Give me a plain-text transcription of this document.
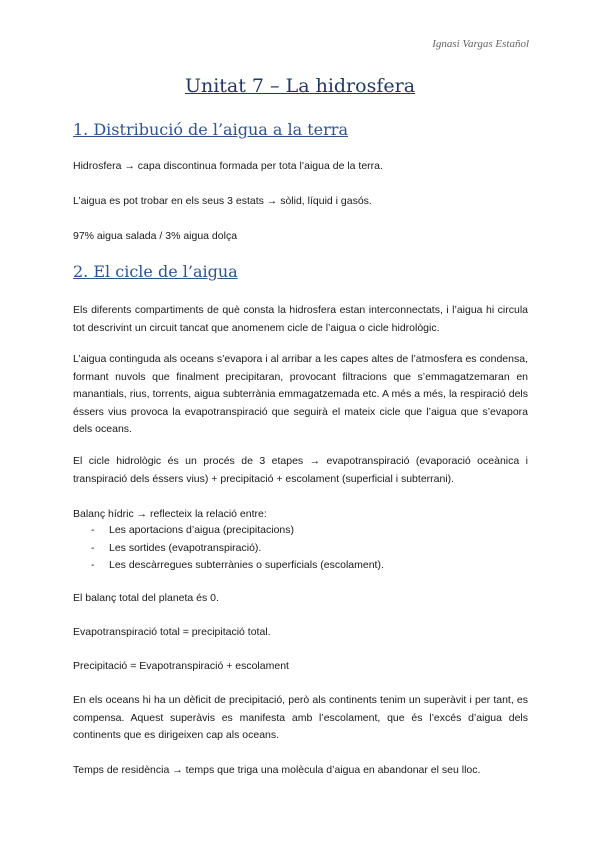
Ignasi Vargas Estañol
Unitat 7 – La hidrosfera
1. Distribució de l’aigua a la terra

Hidrosfera → capa discontinua formada per tota l’aigua de la terra.

L’aigua es pot trobar en els seus 3 estats → sòlid, líquid i gasós.

97% aigua salada / 3% aigua dolça

2. El cicle de l’aigua

Els diferents compartiments de què consta la hidrosfera estan interconnectats, i l’aigua hi circula tot descrivint un circuit tancat que anomenem cicle de l’aigua o cicle hidrològic.

L’aigua continguda als oceans s’evapora i al arribar a les capes altes de l’atmosfera es condensa, formant nuvols que finalment precipitaran, provocant filtracions que s’emmagatzemaran en manantials, rius, torrents, aigua subterrània emmagatzemada etc. A més a més, la respiració dels éssers vius provoca la evapotranspiració que seguirà el mateix cicle que l’aigua que s’evapora dels oceans.

El cicle hidrològic és un procés de 3 etapes → evapotranspiració (evaporació oceànica i transpiració dels éssers vius) + precipitació + escolament (superficial i subterrani).

Balanç hídric → reflecteix la relació entre:

- Les aportacions d’aigua (precipitacions)
- Les sortides (evapotranspiració).
- Les descàrregues subterrànies o superficials (escolament).

El balanç total del planeta és 0.

Evapotranspiració total = precipitació total.

Precipitació = Evapotranspiració + escolament

En els oceans hi ha un dèficit de precipitació, però als continents tenim un superàvit i per tant, es compensa. Aquest superàvis es manifesta amb l’escolament, que és l’excés d’aigua dels continents que es dirigeixen cap als oceans.

Temps de residència → temps que triga una molècula d’aigua en abandonar el seu lloc.
